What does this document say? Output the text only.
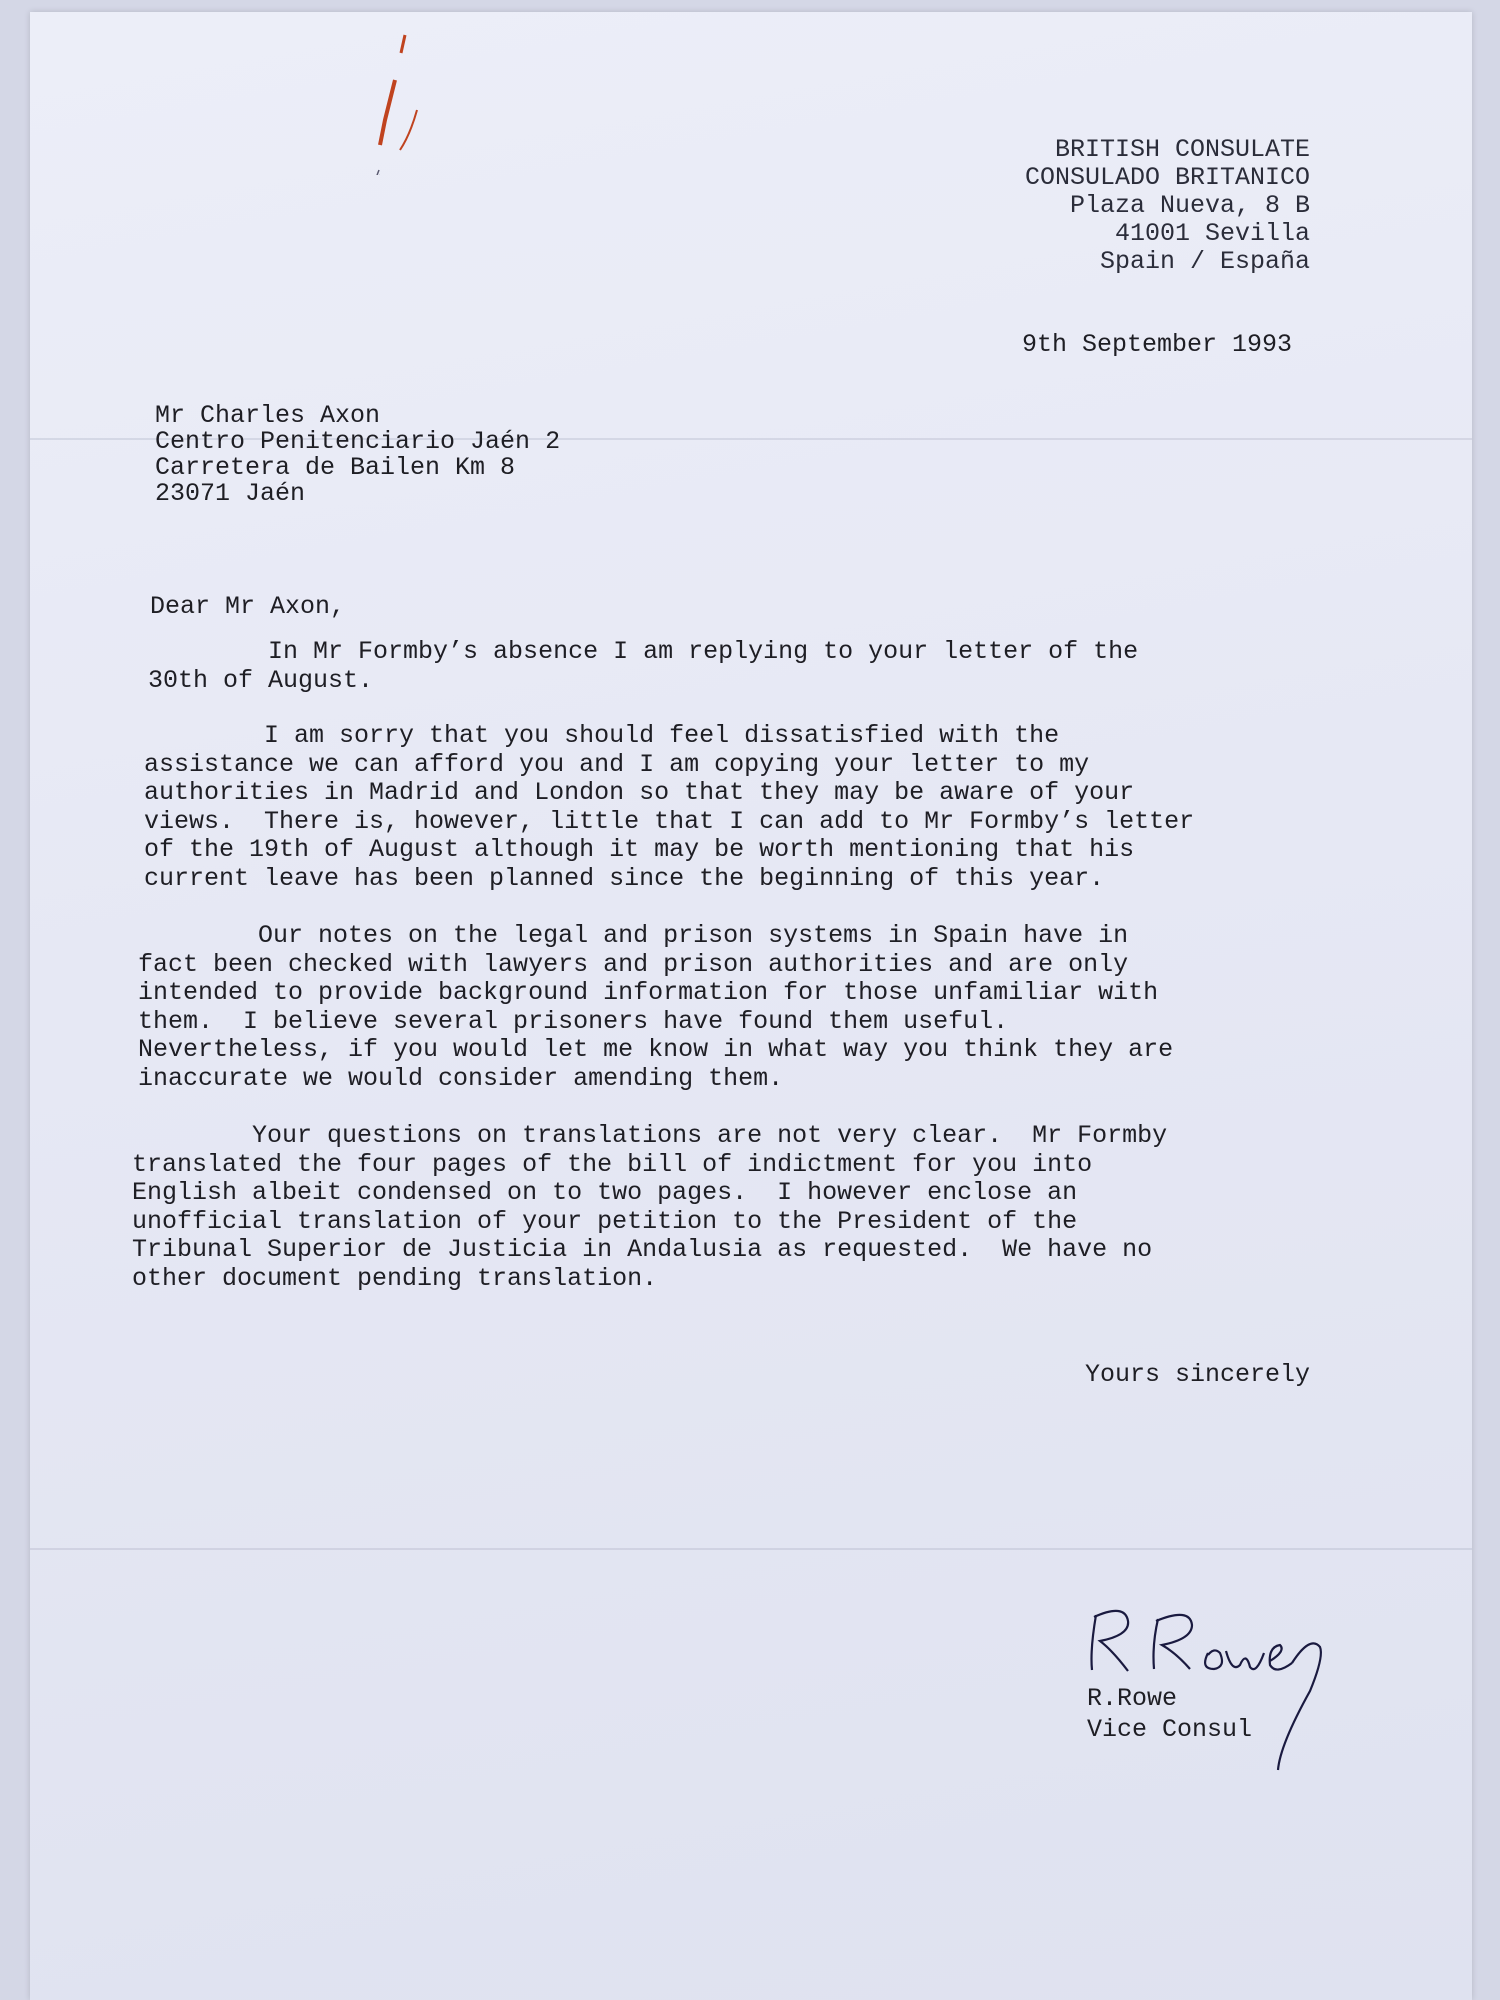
BRITISH CONSULATE
CONSULADO BRITANICO
Plaza Nueva, 8 B
41001 Sevilla
Spain / España
9th September 1993
Mr Charles Axon
Centro Penitenciario Jaén 2
Carretera de Bailen Km 8
23071 Jaén
Dear Mr Axon,
In Mr Formby’s absence I am replying to your letter of the
30th of August.
I am sorry that you should feel dissatisfied with the
assistance we can afford you and I am copying your letter to my
authorities in Madrid and London so that they may be aware of your
views.  There is, however, little that I can add to Mr Formby’s letter
of the 19th of August although it may be worth mentioning that his
current leave has been planned since the beginning of this year.
Our notes on the legal and prison systems in Spain have in
fact been checked with lawyers and prison authorities and are only
intended to provide background information for those unfamiliar with
them.  I believe several prisoners have found them useful.
Nevertheless, if you would let me know in what way you think they are
inaccurate we would consider amending them.
Your questions on translations are not very clear.  Mr Formby
translated the four pages of the bill of indictment for you into
English albeit condensed on to two pages.  I however enclose an
unofficial translation of your petition to the President of the
Tribunal Superior de Justicia in Andalusia as requested.  We have no
other document pending translation.
Yours sincerely
R.Rowe
Vice Consul
